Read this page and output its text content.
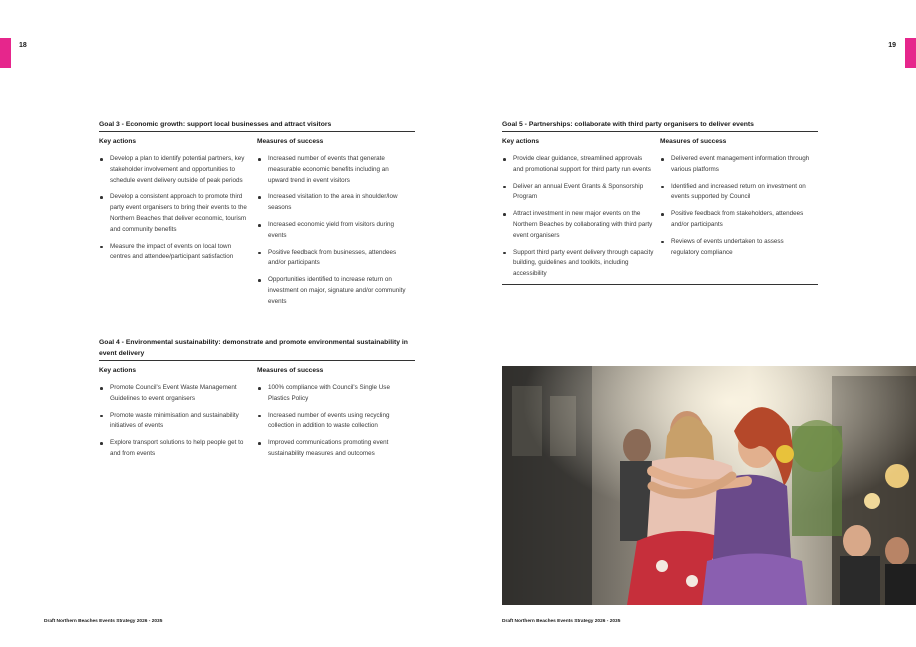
18
Goal 3 - Economic growth: support local businesses and attract visitors
Key actions
Develop a plan to identify potential partners, key stakeholder involvement and opportunities to schedule event delivery outside of peak periods
Develop a consistent approach to promote third party event organisers to bring their events to the Northern Beaches that deliver economic, tourism and community benefits
Measure the impact of events on local town centres and attendee/participant satisfaction
Measures of success
Increased number of events that generate measurable economic benefits including an upward trend in event visitors
Increased visitation to the area in shoulder/low seasons
Increased economic yield from visitors during events
Positive feedback from businesses, attendees and/or participants
Opportunities identified to increase return on investment on major, signature and/or community events
Goal 4 - Environmental sustainability: demonstrate and promote environmental sustainability in event delivery
Key actions
Promote Council's Event Waste Management Guidelines to event organisers
Promote waste minimisation and sustainability initiatives of events
Explore transport solutions to help people get to and from events
Measures of success
100% compliance with Council's Single Use Plastics Policy
Increased number of events using recycling collection in addition to waste collection
Improved communications promoting event sustainability measures and outcomes
Draft Northern Beaches Events Strategy 2026 - 2035
19
Goal 5 - Partnerships: collaborate with third party organisers to deliver events
Key actions
Provide clear guidance, streamlined approvals and promotional support for third party run events
Deliver an annual Event Grants & Sponsorship Program
Attract investment in new major events on the Northern Beaches by collaborating with third party event organisers
Support third party event delivery through capacity building, guidelines and toolkits, including accessibility
Measures of success
Delivered event management information through various platforms
Identified and increased return on investment on events supported by Council
Positive feedback from stakeholders, attendees and/or participants
Reviews of events undertaken to assess regulatory compliance
Draft Northern Beaches Events Strategy 2026 - 2035
